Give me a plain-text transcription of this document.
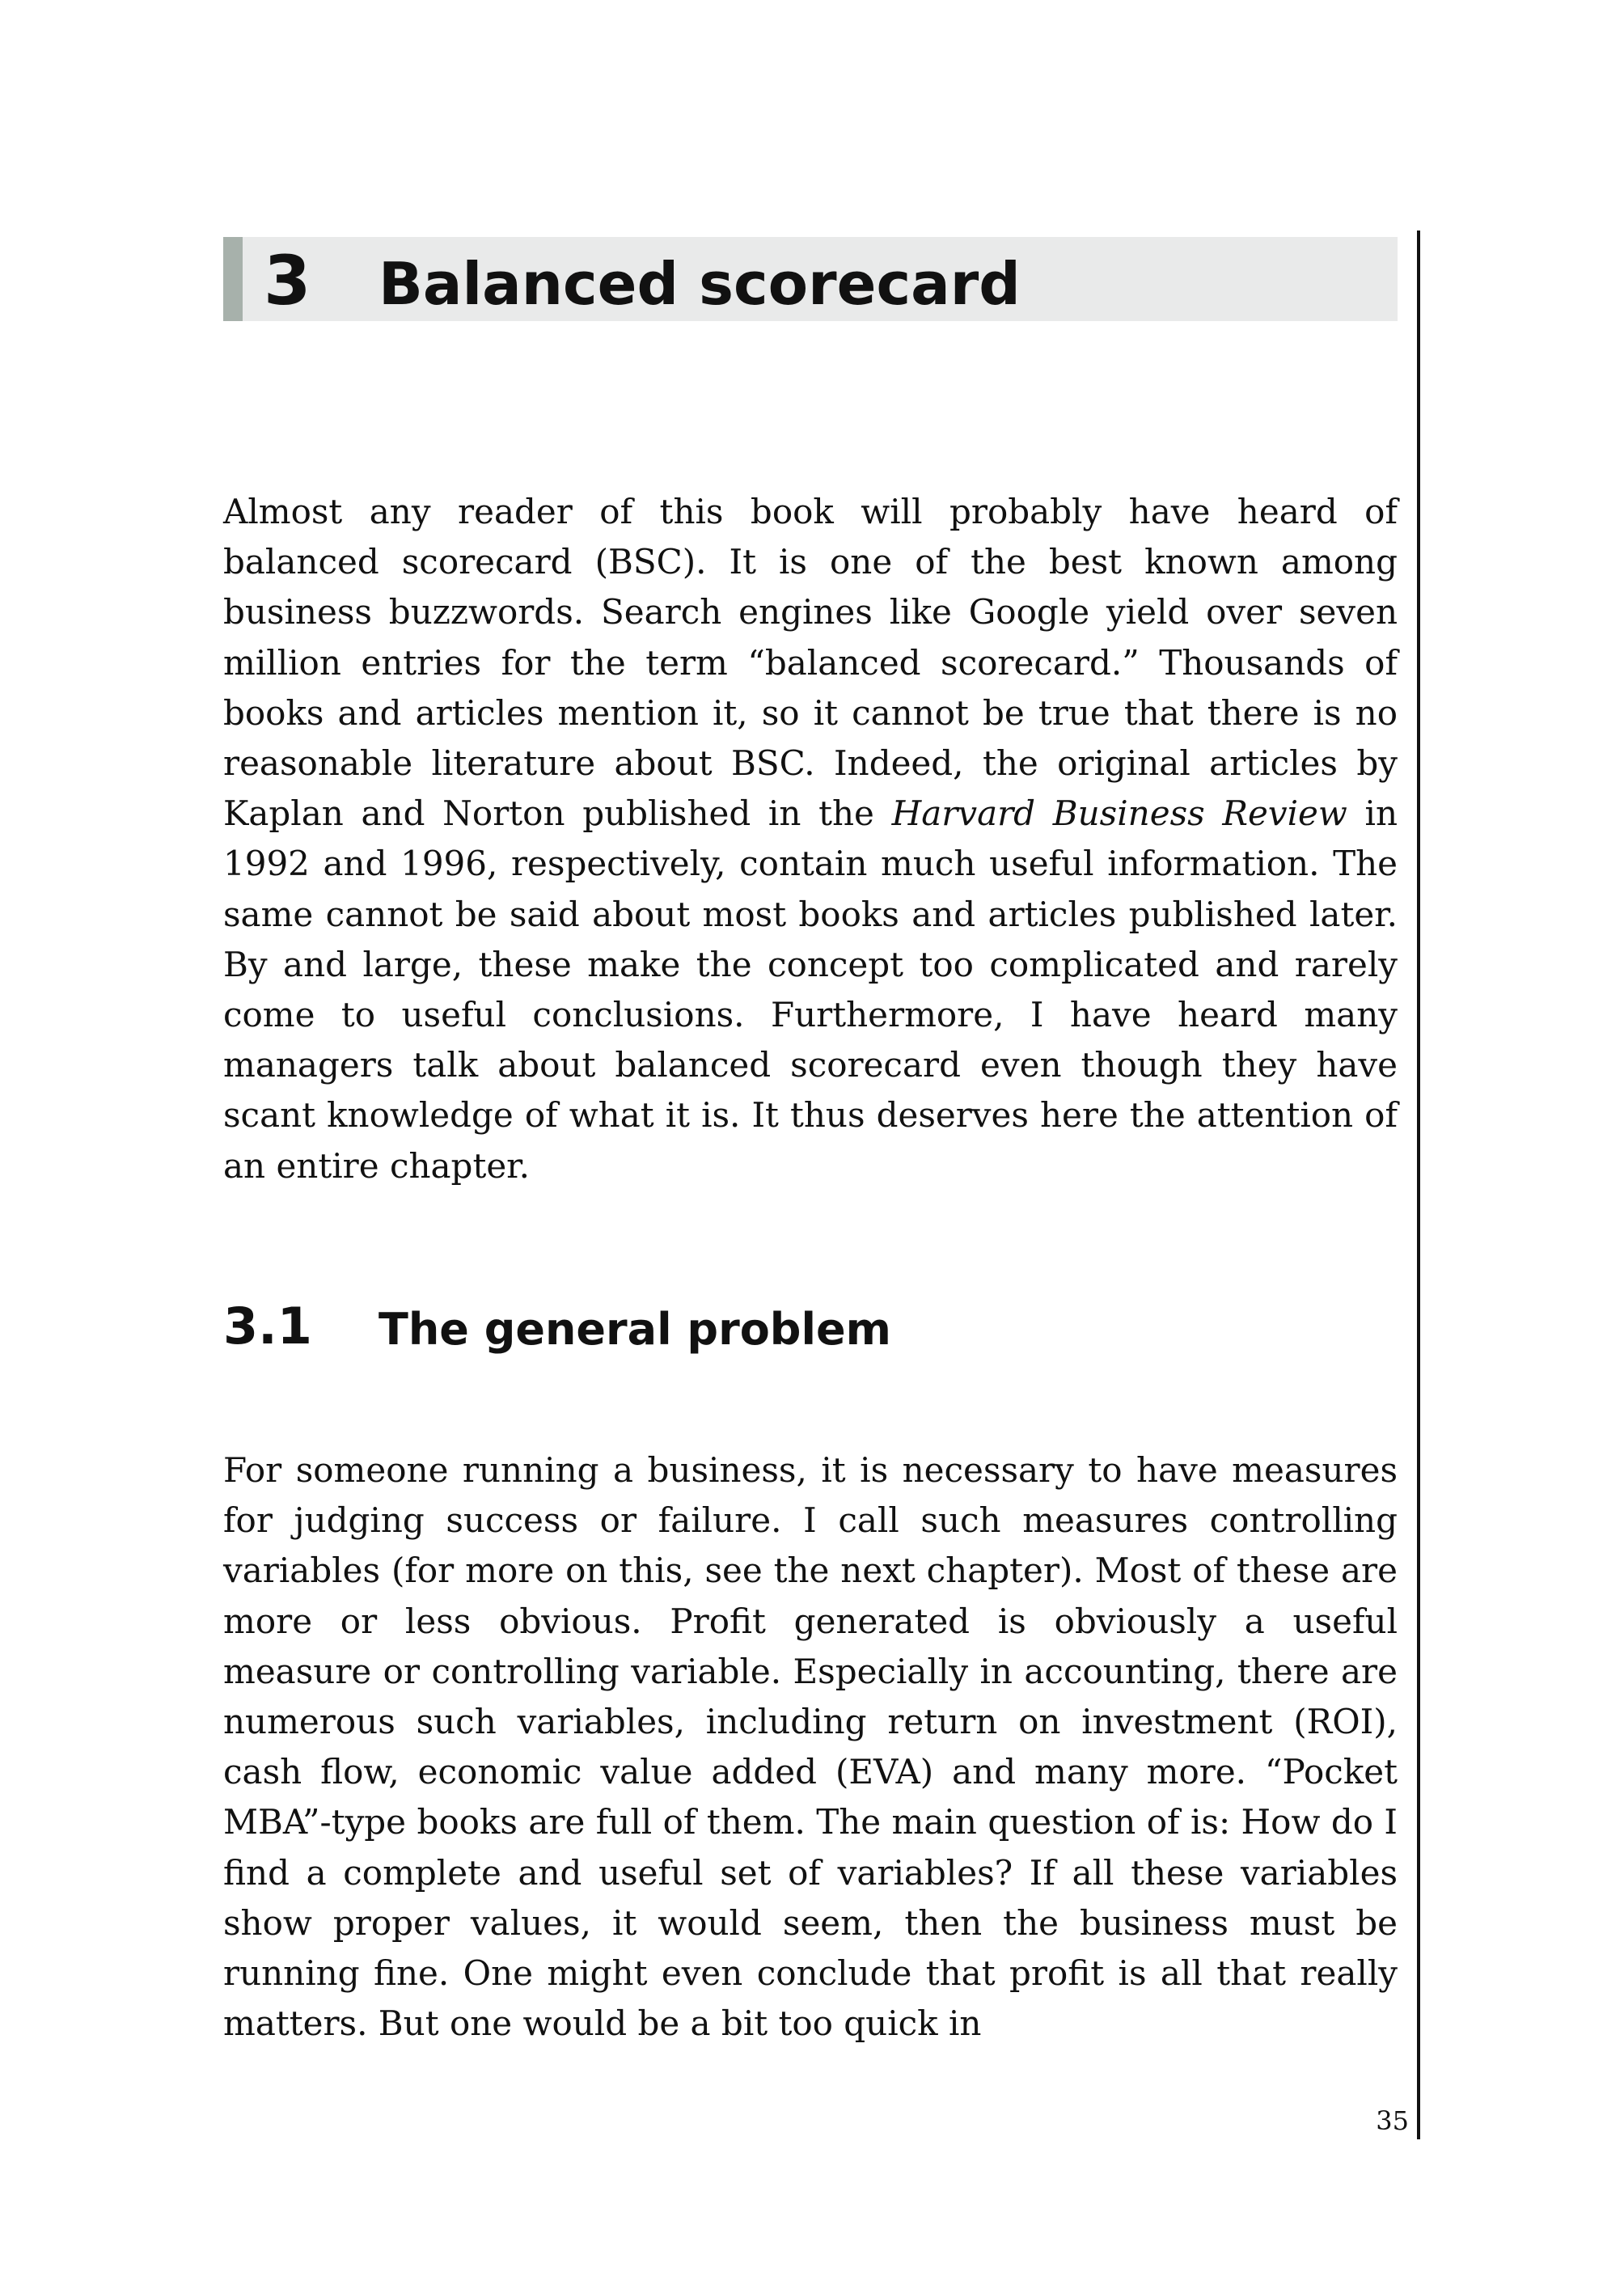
3 Balanced scorecard

Almost any reader of this book will probably have heard of balanced scorecard (BSC). It is one of the best known among business buzzwords. Search engines like Google yield over seven million entries for the term “balanced scorecard.” Thousands of books and articles mention it, so it cannot be true that there is no reasonable literature about BSC. Indeed, the original articles by Kaplan and Norton published in the Harvard Business Review in 1992 and 1996, respectively, contain much useful information. The same cannot be said about most books and articles published later. By and large, these make the concept too complicated and rarely come to useful conclusions. Furthermore, I have heard many managers talk about balanced scorecard even though they have scant knowledge of what it is. It thus deserves here the attention of an entire chapter.

3.1 The general problem

For someone running a business, it is necessary to have measures for judging success or failure. I call such measures controlling variables (for more on this, see the next chapter). Most of these are more or less obvious. Profit generated is obviously a useful measure or controlling variable. Especially in accounting, there are numerous such variables, including return on investment (ROI), cash flow, economic value added (EVA) and many more. “Pocket MBA”-type books are full of them. The main question of is: How do I find a complete and useful set of variables? If all these variables show proper values, it would seem, then the business must be running fine. One might even conclude that profit is all that really matters. But one would be a bit too quick in

35
